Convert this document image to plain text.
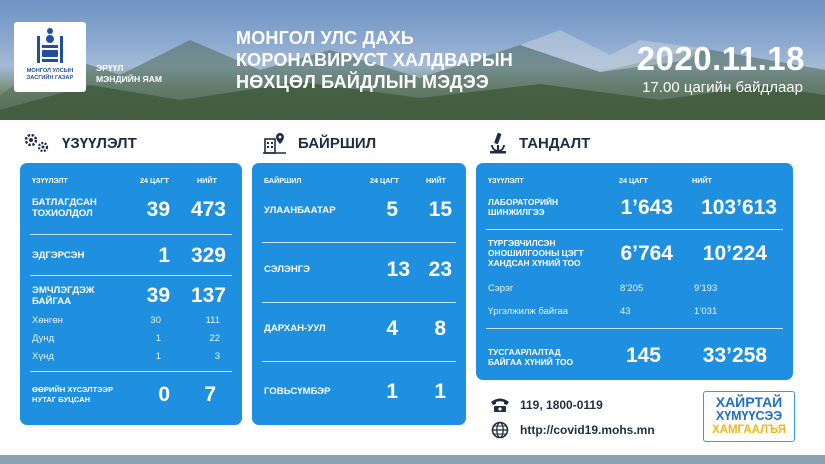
МОНГОЛ УЛСЫН
ЗАСГИЙН ГАЗАР
ЭРҮҮЛ
МЭНДИЙН ЯАМ
МОНГОЛ УЛС ДАХЬ
КОРОНАВИРУСТ ХАЛДВАРЫН
НӨХЦӨЛ БАЙДЛЫН МЭДЭЭ
2020.11.18
17.00 цагийн байдлаар
ҮЗҮҮЛЭЛТ	БАЙРШИЛ	ТАНДАЛТ
ҮЗҮҮЛЭЛТ	24 ЦАГТ	НИЙТ
БАТЛАГДСАН
ТОХИОЛДОЛ	39 473
ЭДГЭРСЭН	1 329
ЭМЧЛЭГДЭЖ
БАЙГАА	39 137
Хөнгөн	30	111
Дунд	1	22
Хүнд	1	3
ӨӨРИЙН ХҮСЭЛТЭЭР
НУТАГ БУЦСАН	0 7
БАЙРШИЛ	24 ЦАГТ	НИЙТ
УЛААНБААТАР 5 15
СЭЛЭНГЭ	13 23
ДАРХАН-УУЛ	4 8
ГОВЬСҮМБЭР	1 1
ҮЗҮҮЛЭЛТ	24 ЦАГТ	НИЙТ
ЛАБОРАТОРИЙН
ШИНЖИЛГЭЭ	1’643 103’613
ТҮРГЭВЧИЛСЭН
ОНОШИЛГООНЫ ЦЭГТ
ХАНДСАН ХҮНИЙ ТОО 6’764 10’224
Сэрэг	8’205	9’193
Үргэлжилж байгаа	43	1’031
ТУСГААРЛАЛТАД
БАЙГАА ХҮНИЙ ТОО	145 33’258
119, 1800-0119
http://covid19.mohs.mn
ХАЙРТАЙ
ХҮМҮҮСЭЭ
ХАМГААЛЪЯ
